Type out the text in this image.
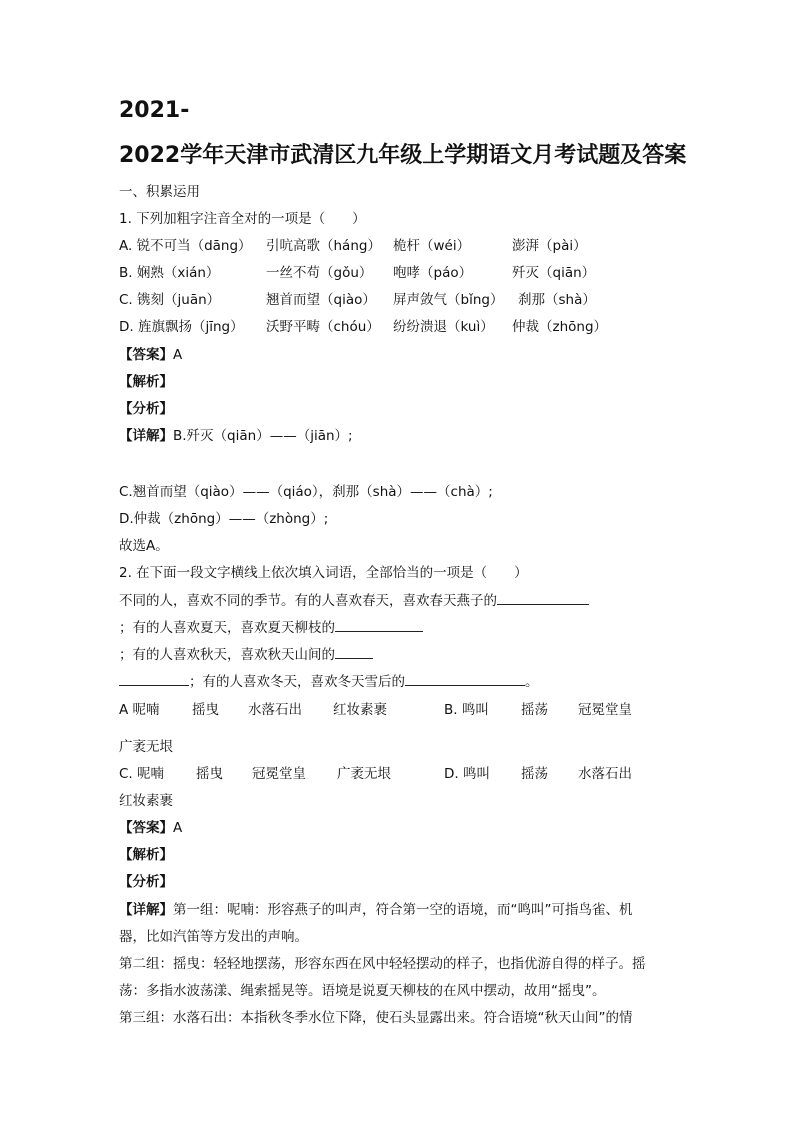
2021-
2022学年天津市武清区九年级上学期语文月考试题及答案
一、积累运用
1. 下列加粗字注音全对的一项是（　　）
A. 锐不可当（dāng） 引吭高歌（háng） 桅杆（wéi）	澎湃（pài）
B. 娴熟（xián）	一丝不苟（gǒu） 咆哮（páo）	歼灭（qiān）
C. 镌刻（juān）	翘首而望（qiào） 屏声敛气（bǐng） 刹那（shà）
D. 旌旗飘扬（jīng） 沃野平畴（chóu） 纷纷溃退（kuì） 仲裁（zhōng）
【答案】A
【解析】
【分析】
【详解】B.歼灭（qiān）——（jiān）;
C.翘首而望（qiào）——（qiáo），刹那（shà）——（chà）;
D.仲裁（zhōng）——（zhòng）;
故选A。
2. 在下面一段文字横线上依次填入词语，全部恰当的一项是（　　）
不同的人，喜欢不同的季节。有的人喜欢春天，喜欢春天燕子的
；有的人喜欢夏天，喜欢夏天柳枝的
；有的人喜欢秋天，喜欢秋天山间的
；有的人喜欢冬天，喜欢冬天雪后的	。
A 呢喃 摇曳 水落石出 红妆素裹	B. 鸣叫 摇荡 冠冕堂皇
广袤无垠
C. 呢喃 摇曳 冠冕堂皇 广袤无垠	D. 鸣叫 摇荡 水落石出
红妆素裹
【答案】A
【解析】
【分析】
【详解】第一组：呢喃：形容燕子的叫声，符合第一空的语境，而“鸣叫”可指鸟雀、机
器，比如汽笛等方发出的声响。
第二组：摇曳：轻轻地摆荡，形容东西在风中轻轻摆动的样子，也指优游自得的样子。摇
荡：多指水波荡漾、绳索摇晃等。语境是说夏天柳枝的在风中摆动，故用“摇曳”。
第三组：水落石出：本指秋冬季水位下降，使石头显露出来。符合语境“秋天山间”的情
